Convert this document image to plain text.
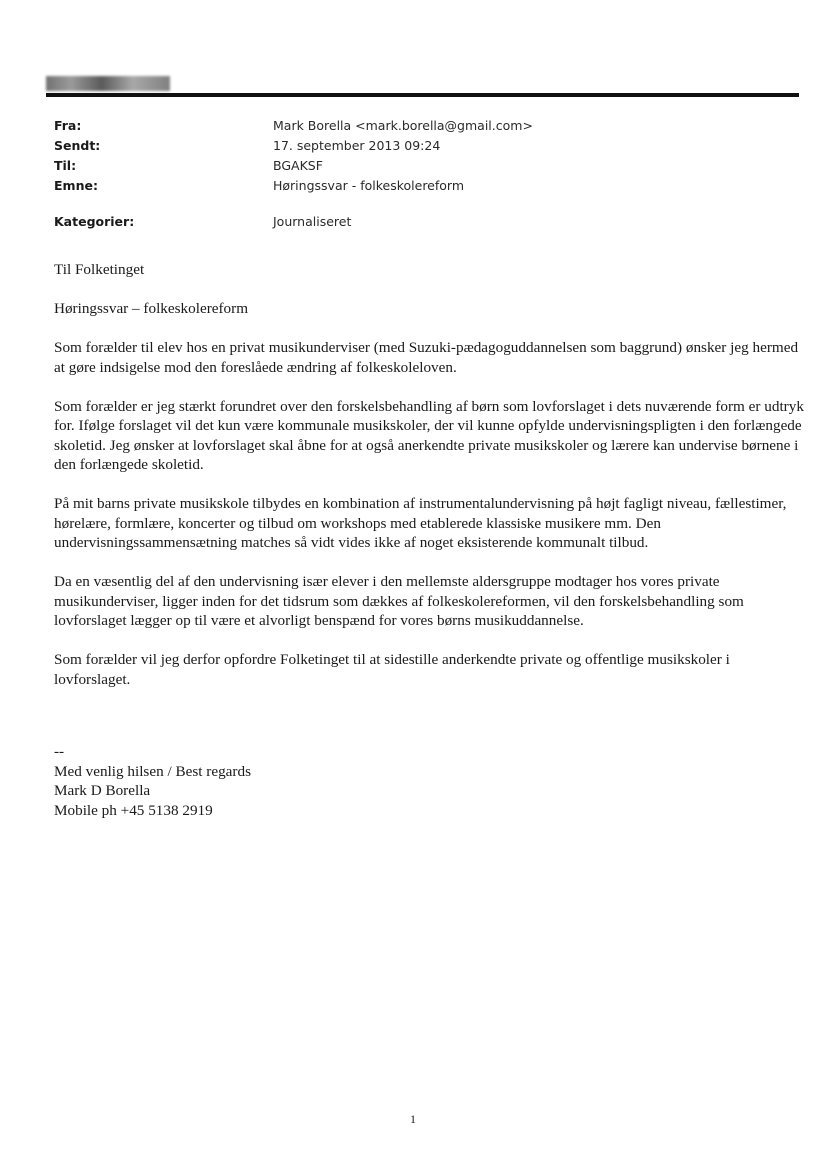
Fra:	Mark Borella <mark.borella@gmail.com>
Sendt:	17. september 2013 09:24
Til:	BGAKSF
Emne:	Høringssvar - folkeskolereform
Kategorier:	Journaliseret

Til Folketinget

Høringssvar – folkeskolereform

Som forælder til elev hos en privat musikunderviser (med Suzuki-pædagoguddannelsen som baggrund) ønsker jeg hermed at gøre indsigelse mod den foreslåede ændring af folkeskoleloven.

Som forælder er jeg stærkt forundret over den forskelsbehandling af børn som lovforslaget i dets nuværende form er udtryk for. Ifølge forslaget vil det kun være kommunale musikskoler, der vil kunne opfylde undervisningspligten i den forlængede skoletid. Jeg ønsker at lovforslaget skal åbne for at også anerkendte private musikskoler og lærere kan undervise børnene i den forlængede skoletid.

På mit barns private musikskole tilbydes en kombination af instrumentalundervisning på højt fagligt niveau, fællestimer, hørelære, formlære, koncerter og tilbud om workshops med etablerede klassiske musikere mm. Den undervisningssammensætning matches så vidt vides ikke af noget eksisterende kommunalt tilbud.

Da en væsentlig del af den undervisning især elever i den mellemste aldersgruppe modtager hos vores private musikunderviser, ligger inden for det tidsrum som dækkes af folkeskolereformen, vil den forskelsbehandling som lovforslaget lægger op til være et alvorligt benspænd for vores børns musikuddannelse.

Som forælder vil jeg derfor opfordre Folketinget til at sidestille anderkendte private og offentlige musikskoler i lovforslaget.

--
Med venlig hilsen / Best regards
Mark D Borella
Mobile ph +45 5138 2919
1
